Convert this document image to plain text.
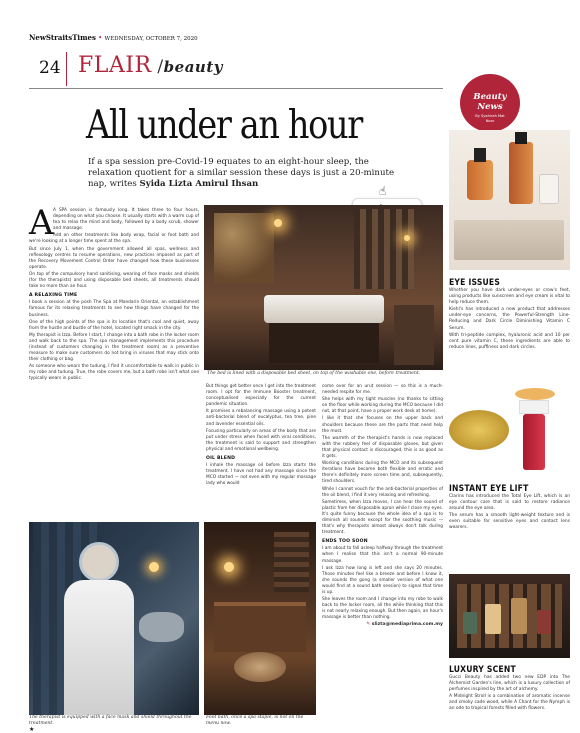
NewStraitsTimes • WEDNESDAY, OCTOBER 7, 2020
24 FLAIR /beauty
All under an hour
If a spa session pre-Covid-19 equates to an eight-hour sleep, the relaxation quotient for a similar session these days is just a 20-minute nap, writes Syida Lizta Amirul Ihsan
☝
A A SPA session is famously long. It takes three to four hours, depending on what you choose. It usually starts with a warm cup of tea to relax the mind and body, followed by a body scrub, shower and massage.

Add on other treatments like body wrap, facial or foot bath and we're looking at a longer time spent at the spa.

But since July 1, when the government allowed all spas, wellness and reflexology centres to resume operations, new practices imposed as part of the Recovery Movement Control Order have changed how these businesses operate.

On top of the compulsory hand sanitising, wearing of face masks and shields (for the therapists) and using disposable bed sheets, all treatments should take no more than an hour.

A RELAXING TIME

I book a session at the posh The Spa at Mandarin Oriental, an establishment famous for its relaxing treatments to see how things have changed for the business.

One of the high points of the spa is its location that's cool and quiet, away from the hustle and bustle of the hotel, located right smack in the city.

My therapist is Izza. Before I start, I change into a bath robe in the locker room and walk back to the spa. The spa management implements this procedure (instead of customers changing in the treatment room) as a preventive measure to make sure customers do not bring in viruses that may stick onto their clothing or bag.

As someone who wears the tudung, I find it uncomfortable to walk in public in my robe and tudung. True, the robe covers me, but a bath robe isn't what one typically wears in public.

The bed is lined with a disposable bed sheet, on top of the washable one, before treatment.

But things get better once I get into the treatment room. I opt for the Immune Booster treatment, conceptualised especially for the current pandemic situation.

It promises a rebalancing massage using a potent anti-bacterial blend of eucalyptus, tea tree, pine and lavender essential oils.

Focusing particularly on areas of the body that are put under stress when faced with viral conditions, the treatment is said to support and strengthen physical and emotional wellbeing.

OIL BLEND

I inhale the massage oil before Izza starts the treatment. I have not had any massage since the MCO started — not even with my regular massage lady who would

come over for an urut session — so this is a much-needed respite for me.

She helps with my tight muscles (no thanks to sitting on the floor while working during the MCO because I did not, at that point, have a proper work desk at home).

I like it that she focuses on the upper back and shoulders because these are the parts that need help the most.

The warmth of the therapist's hands is now replaced with the rubbery feel of disposable gloves, but given that physical contact is discouraged, this is as good as it gets.

Working conditions during the MCO and its subsequent iterations have become both flexible and erratic and there's definitely more screen time and, subsequently, tired shoulders.

While I cannot vouch for the anti-bacterial properties of the oil blend, I find it very relaxing and refreshing.

Sometimes, when Izza moves, I can hear the sound of plastic from her disposable apron while I close my eyes. It's quite funny because the whole idea of a spa is to diminish all sounds except for the soothing music — that's why therapists almost always don't talk during treatment.

ENDS TOO SOON

I am about to fall asleep halfway through the treatment when I realise that this isn't a normal 90-minute massage.

I ask Izza how long is left and she says 20 minutes. Those minutes feel like a breeze and before I know it, she sounds the gong (a smaller version of what one would find at a sound bath session) to signal that time is up.

She leaves the room and I change into my robe to walk back to the locker room, all the while thinking that this is not nearly relaxing enough. But then again, an hour's massage is better than nothing.

✎ slizta@mediaprima.com.my
The therapist is equipped with a face mask and shield throughout the treatment.
★
Foot bath, once a spa staple, is not on the menu now.
Beauty News
By Syahirah Mat Noor
EYE ISSUES

Whether you have dark under-eyes or crow's feet, using products like sunscreen and eye cream is vital to help reduce them.

Kiehl's has introduced a new product that addresses under-eye concerns, the Powerful-Strength Line-Reducing and Dark Circle Diminishing Vitamin C Serum.

With tri-peptide complex, hyaluronic acid and 10 per cent pure vitamin C, these ingredients are able to reduce lines, puffiness and dark circles.

INSTANT EYE LIFT

Clarins has introduced the Total Eye Lift, which is an eye contour care that is said to restore radiance around the eye area.

The serum has a smooth light-weight texture and is even suitable for sensitive eyes and contact lens wearers.

LUXURY SCENT

Gucci Beauty has added two new EDP into The Alchemist Garden's line, which is a luxury collection of perfumes inspired by the art of alchemy.

A Midnight Stroll is a combination of aromatic incense and smoky cade wood, while A Chant for the Nymph is an ode to tropical forests filled with flowers.
